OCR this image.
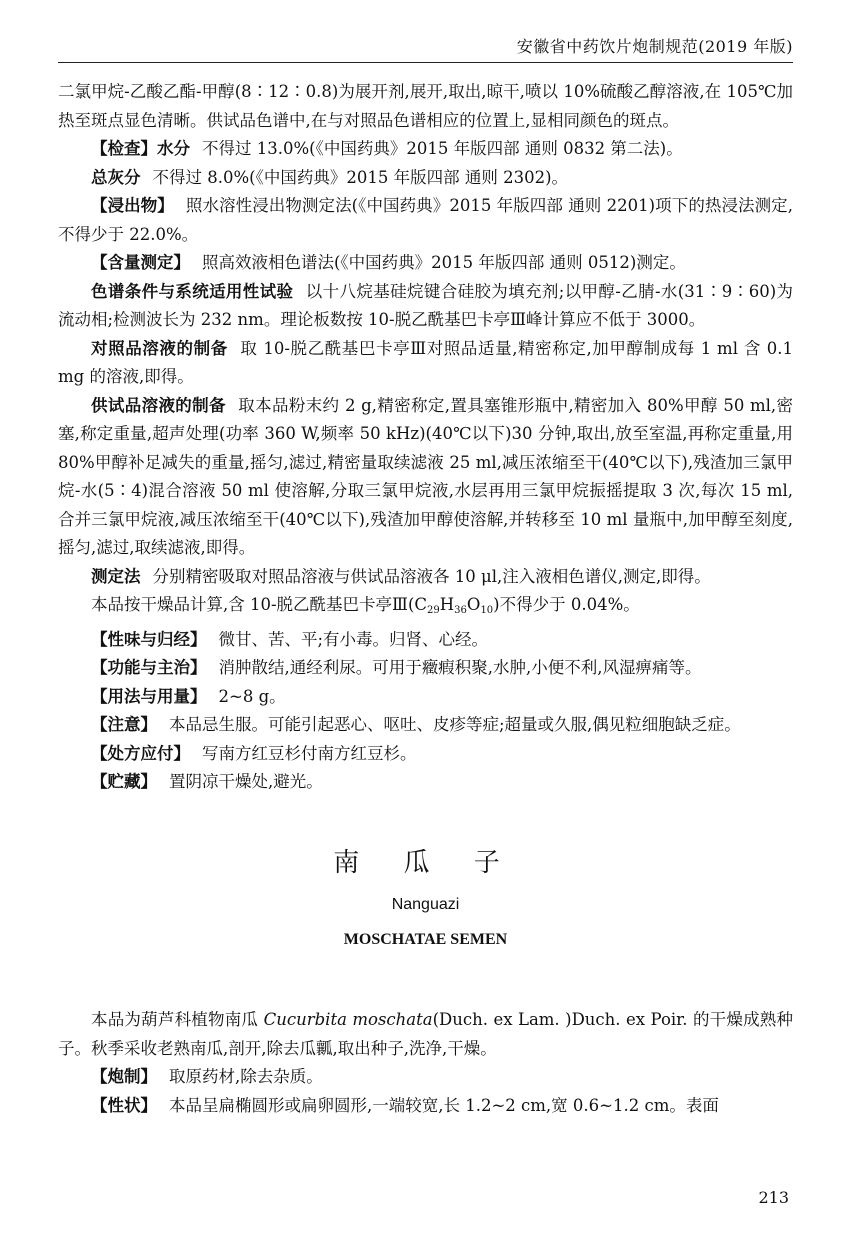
安徽省中药饮片炮制规范(2019 年版)

二氯甲烷-乙酸乙酯-甲醇(8∶12∶0.8)为展开剂,展开,取出,晾干,喷以 10%硫酸乙醇溶液,在 105℃加热至斑点显色清晰。供试品色谱中,在与对照品色谱相应的位置上,显相同颜色的斑点。

【检查】水分 不得过 13.0%(《中国药典》2015 年版四部 通则 0832 第二法)。

总灰分 不得过 8.0%(《中国药典》2015 年版四部 通则 2302)。

【浸出物】 照水溶性浸出物测定法(《中国药典》2015 年版四部 通则 2201)项下的热浸法测定,不得少于 22.0%。

【含量测定】 照高效液相色谱法(《中国药典》2015 年版四部 通则 0512)测定。

色谱条件与系统适用性试验 以十八烷基硅烷键合硅胶为填充剂;以甲醇-乙腈-水(31∶9∶60)为流动相;检测波长为 232 nm。理论板数按 10-脱乙酰基巴卡亭Ⅲ峰计算应不低于 3000。

对照品溶液的制备 取 10-脱乙酰基巴卡亭Ⅲ对照品适量,精密称定,加甲醇制成每 1 ml 含 0.1 mg 的溶液,即得。

供试品溶液的制备 取本品粉末约 2 g,精密称定,置具塞锥形瓶中,精密加入 80%甲醇 50 ml,密塞,称定重量,超声处理(功率 360 W,频率 50 kHz)(40℃以下)30 分钟,取出,放至室温,再称定重量,用 80%甲醇补足减失的重量,摇匀,滤过,精密量取续滤液 25 ml,减压浓缩至干(40℃以下),残渣加三氯甲烷-水(5∶4)混合溶液 50 ml 使溶解,分取三氯甲烷液,水层再用三氯甲烷振摇提取 3 次,每次 15 ml,合并三氯甲烷液,减压浓缩至干(40℃以下),残渣加甲醇使溶解,并转移至 10 ml 量瓶中,加甲醇至刻度,摇匀,滤过,取续滤液,即得。

测定法 分别精密吸取对照品溶液与供试品溶液各 10 μl,注入液相色谱仪,测定,即得。

本品按干燥品计算,含 10-脱乙酰基巴卡亭$Ⅲ(C_{29}H_{36}O_{10})$不得少于 0.04%。

【性味与归经】 微甘、苦、平;有小毒。归肾、心经。

【功能与主治】 消肿散结,通经利尿。可用于癥瘕积聚,水肿,小便不利,风湿痹痛等。

【用法与用量】 2~8 g。

【注意】 本品忌生服。可能引起恶心、呕吐、皮疹等症;超量或久服,偶见粒细胞缺乏症。

【处方应付】 写南方红豆杉付南方红豆杉。

【贮藏】 置阴凉干燥处,避光。

南 瓜 子

Nanguazi

MOSCHATAE SEMEN

本品为葫芦科植物南瓜 Cucurbita moschata(Duch. ex Lam. )Duch. ex Poir. 的干燥成熟种子。秋季采收老熟南瓜,剖开,除去瓜瓤,取出种子,洗净,干燥。

【炮制】 取原药材,除去杂质。

【性状】 本品呈扁椭圆形或扁卵圆形,一端较宽,长 1.2~2 cm,宽 0.6~1.2 cm。表面

213
